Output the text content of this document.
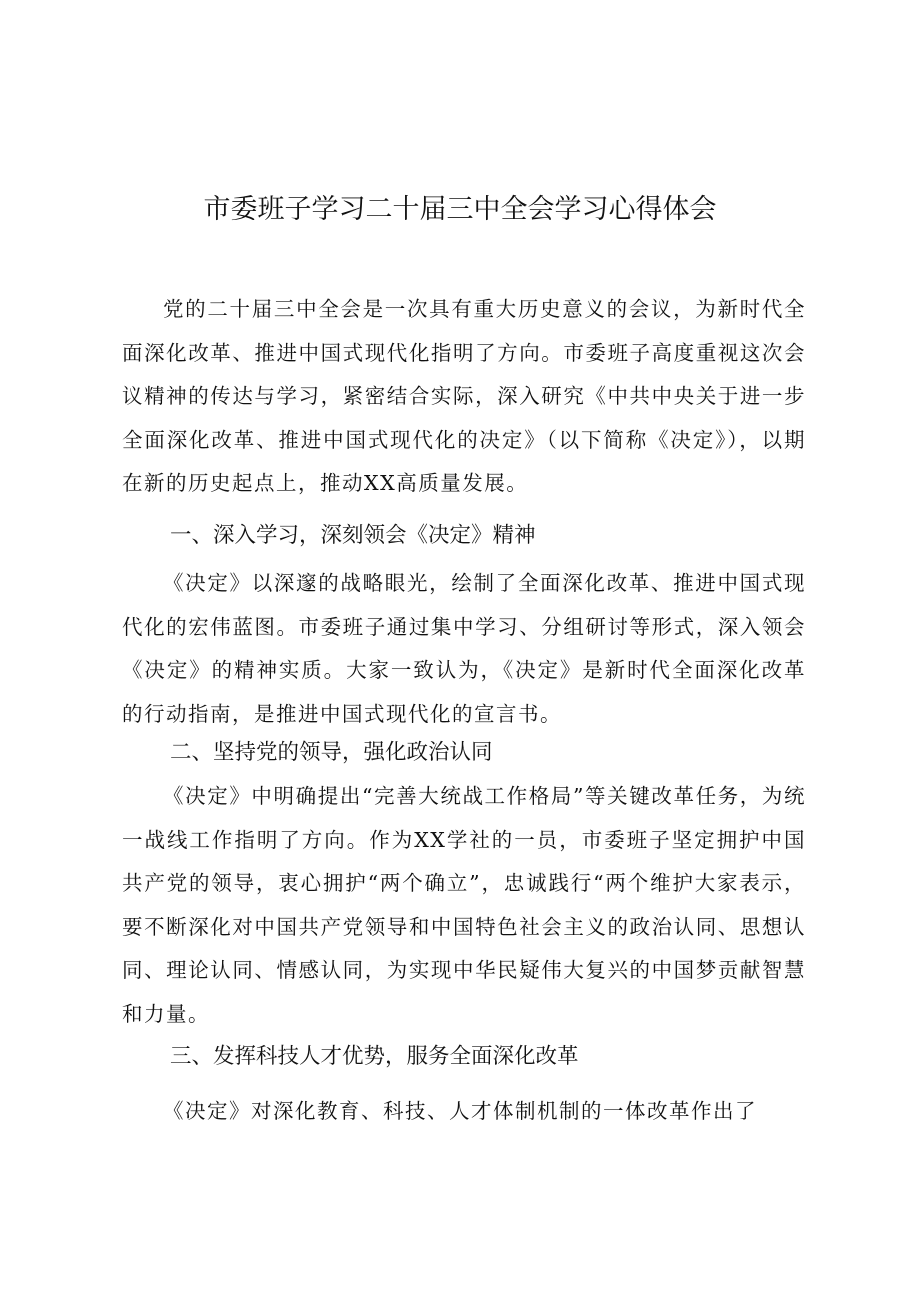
市委班子学习二十届三中全会学习心得体会

党的二十届三中全会是一次具有重大历史意义的会议，为新时代全面深化改革、推进中国式现代化指明了方向。市委班子高度重视这次会议精神的传达与学习，紧密结合实际，深入研究《中共中央关于进一步全面深化改革、推进中国式现代化的决定》（以下简称《决定》），以期在新的历史起点上，推动XX高质量发展。

一、深入学习，深刻领会《决定》精神

《决定》以深邃的战略眼光，绘制了全面深化改革、推进中国式现代化的宏伟蓝图。市委班子通过集中学习、分组研讨等形式，深入领会《决定》的精神实质。大家一致认为，《决定》是新时代全面深化改革的行动指南，是推进中国式现代化的宣言书。

二、坚持党的领导，强化政治认同

《决定》中明确提出“完善大统战工作格局”等关键改革任务，为统一战线工作指明了方向。作为XX学社的一员，市委班子坚定拥护中国共产党的领导，衷心拥护“两个确立”，忠诚践行“两个维护大家表示，要不断深化对中国共产党领导和中国特色社会主义的政治认同、思想认同、理论认同、情感认同，为实现中华民疑伟大复兴的中国梦贡献智慧和力量。

三、发挥科技人才优势，服务全面深化改革

《决定》对深化教育、科技、人才体制机制的一体改革作出了
